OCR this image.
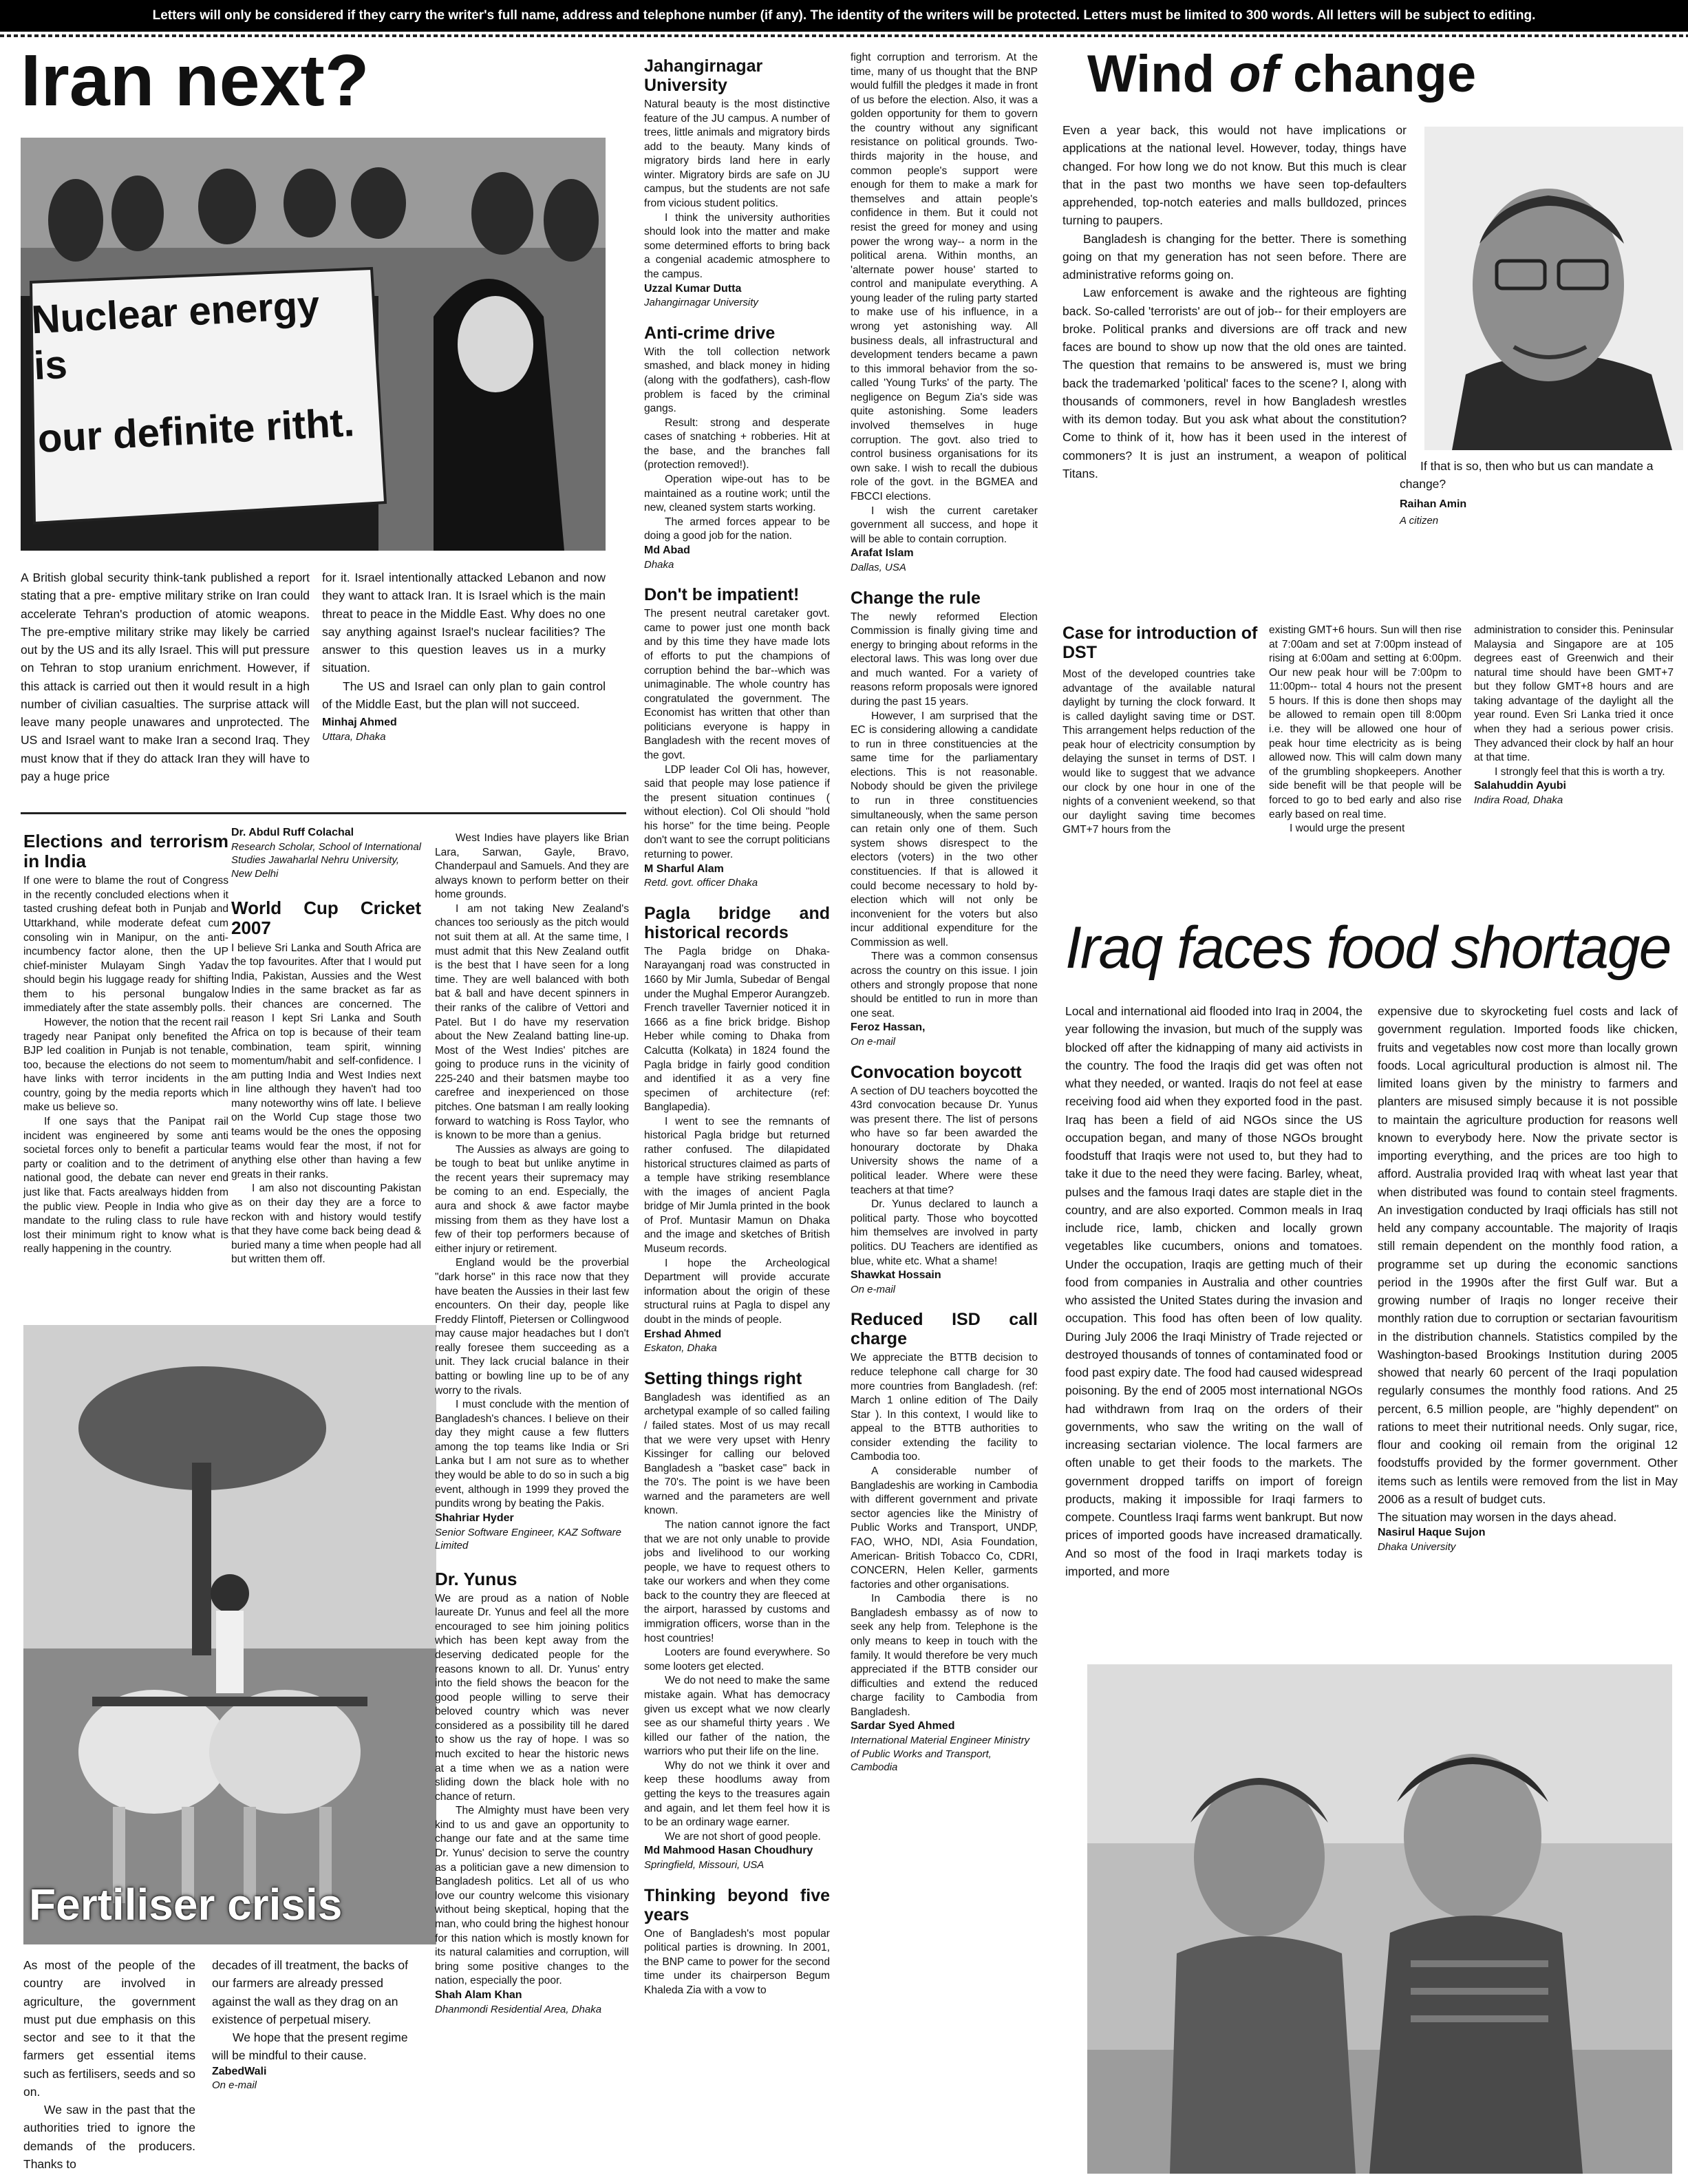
Letters will only be considered if they carry the writer's full name, address and telephone number (if any). The identity of the writers will be protected. Letters must be limited to 300 words. All letters will be subject to editing.
Iran next?
Nuclear energy is
our definite ritht.

A British global security think-tank published a report stating that a pre- emptive military strike on Iran could accelerate Tehran's production of atomic weapons. The pre-emptive military strike may likely be carried out by the US and its ally Israel. This will put pressure on Tehran to stop uranium enrichment. However, if this attack is carried out then it would result in a high number of civilian casualties. The surprise attack will leave many people unawares and unprotected. The US and Israel want to make Iran a second Iraq. They must know that if they do attack Iran they will have to pay a huge price

for it. Israel intentionally attacked Lebanon and now they want to attack Iran. It is Israel which is the main threat to peace in the Middle East. Why does no one say anything against Israel's nuclear facilities? The answer to this question leaves us in a murky situation.

The US and Israel can only plan to gain control of the Middle East, but the plan will not succeed.

Minhaj Ahmed

Uttara, Dhaka

Elections and terrorism in India

If one were to blame the rout of Congress in the recently concluded elections when it tasted crushing defeat both in Punjab and Uttarkhand, while moderate defeat cum consoling win in Manipur, on the anti-incumbency factor alone, then the UP chief-minister Mulayam Singh Yadav should begin his luggage ready for shifting them to his personal bungalow immediately after the state assembly polls.

However, the notion that the recent rail tragedy near Panipat only benefited the BJP led coalition in Punjab is not tenable, too, because the elections do not seem to have links with terror incidents in the country, going by the media reports which make us believe so.

If one says that the Panipat rail incident was engineered by some anti societal forces only to benefit a particular party or coalition and to the detriment of national good, the debate can never end just like that. Facts arealways hidden from the public view. People in India who give mandate to the ruling class to rule have lost their minimum right to know what is really happening in the country.

Fertiliser crisis

As most of the people of the country are involved in agriculture, the government must put due emphasis on this sector and see to it that the farmers get essential items such as fertilisers, seeds and so on.

We saw in the past that the authorities tried to ignore the demands of the producers. Thanks to

decades of ill treatment, the backs of our farmers are already pressed against the wall as they drag on an existence of perpetual misery.

We hope that the present regime will be mindful to their cause.

ZabedWali

On e-mail

Dr. Abdul Ruff Colachal

Research Scholar, School of International Studies Jawaharlal Nehru University, New Delhi

World Cup Cricket 2007

I believe Sri Lanka and South Africa are the top favourites. After that I would put India, Pakistan, Aussies and the West Indies in the same bracket as far as their chances are concerned. The reason I kept Sri Lanka and South Africa on top is because of their team combination, team spirit, winning momentum/habit and self-confidence. I am putting India and West Indies next in line although they haven't had too many noteworthy wins off late. I believe on the World Cup stage those two teams would be the ones the opposing teams would fear the most, if not for anything else other than having a few greats in their ranks.

I am also not discounting Pakistan as on their day they are a force to reckon with and history would testify that they have come back being dead & buried many a time when people had all but written them off.

West Indies have players like Brian Lara, Sarwan, Gayle, Bravo, Chanderpaul and Samuels. And they are always known to perform better on their home grounds.

I am not taking New Zealand's chances too seriously as the pitch would not suit them at all. At the same time, I must admit that this New Zealand outfit is the best that I have seen for a long time. They are well balanced with both bat & ball and have decent spinners in their ranks of the calibre of Vettori and Patel. But I do have my reservation about the New Zealand batting line-up. Most of the West Indies' pitches are going to produce runs in the vicinity of 225-240 and their batsmen maybe too carefree and inexperienced on those pitches. One batsman I am really looking forward to watching is Ross Taylor, who is known to be more than a genius.

The Aussies as always are going to be tough to beat but unlike anytime in the recent years their supremacy may be coming to an end. Especially, the aura and shock & awe factor maybe missing from them as they have lost a few of their top performers because of either injury or retirement.

England would be the proverbial "dark horse" in this race now that they have beaten the Aussies in their last few encounters. On their day, people like Freddy Flintoff, Pietersen or Collingwood may cause major headaches but I don't really foresee them succeeding as a unit. They lack crucial balance in their batting or bowling line up to be of any worry to the rivals.

I must conclude with the mention of Bangladesh's chances. I believe on their day they might cause a few flutters among the top teams like India or Sri Lanka but I am not sure as to whether they would be able to do so in such a big event, although in 1999 they proved the pundits wrong by beating the Pakis.

Shahriar Hyder

Senior Software Engineer, KAZ Software Limited

Dr. Yunus

We are proud as a nation of Noble laureate Dr. Yunus and feel all the more encouraged to see him joining politics which has been kept away from the deserving dedicated people for the reasons known to all. Dr. Yunus' entry into the field shows the beacon for the good people willing to serve their beloved country which was never considered as a possibility till he dared to show us the ray of hope. I was so much excited to hear the historic news at a time when we as a nation were sliding down the black hole with no chance of return.

The Almighty must have been very kind to us and gave an opportunity to change our fate and at the same time Dr. Yunus' decision to serve the country as a politician gave a new dimension to Bangladesh politics. Let all of us who love our country welcome this visionary without being skeptical, hoping that the man, who could bring the highest honour for this nation which is mostly known for its natural calamities and corruption, will bring some positive changes to the nation, especially the poor.

Shah Alam Khan

Dhanmondi Residential Area, Dhaka

Jahangirnagar University

Natural beauty is the most distinctive feature of the JU campus. A number of trees, little animals and migratory birds add to the beauty. Many kinds of migratory birds land here in early winter. Migratory birds are safe on JU campus, but the students are not safe from vicious student politics.

I think the university authorities should look into the matter and make some determined efforts to bring back a congenial academic atmosphere to the campus.

Uzzal Kumar Dutta

Jahangirnagar University

Anti-crime drive

With the toll collection network smashed, and black money in hiding (along with the godfathers), cash-flow problem is faced by the criminal gangs.

Result: strong and desperate cases of snatching + robberies. Hit at the base, and the branches fall (protection removed!).

Operation wipe-out has to be maintained as a routine work; until the new, cleaned system starts working.

The armed forces appear to be doing a good job for the nation.

Md Abad

Dhaka

Don't be impatient!

The present neutral caretaker govt. came to power just one month back and by this time they have made lots of efforts to put the champions of corruption behind the bar--which was unimaginable. The whole country has congratulated the government. The Economist has written that other than politicians everyone is happy in Bangladesh with the recent moves of the govt.

LDP leader Col Oli has, however, said that people may lose patience if the present situation continues ( without election). Col Oli should "hold his horse" for the time being. People don't want to see the corrupt politicians returning to power.

M Sharful Alam

Retd. govt. officer Dhaka

Pagla bridge and historical records

The Pagla bridge on Dhaka-Narayanganj road was constructed in 1660 by Mir Jumla, Subedar of Bengal under the Mughal Emperor Aurangzeb. French traveller Tavernier noticed it in 1666 as a fine brick bridge. Bishop Heber while coming to Dhaka from Calcutta (Kolkata) in 1824 found the Pagla bridge in fairly good condition and identified it as a very fine specimen of architecture (ref: Banglapedia).

I went to see the remnants of historical Pagla bridge but returned rather confused. The dilapidated historical structures claimed as parts of a temple have striking resemblance with the images of ancient Pagla bridge of Mir Jumla printed in the book of Prof. Muntasir Mamun on Dhaka and the image and sketches of British Museum records.

I hope the Archeological Department will provide accurate information about the origin of these structural ruins at Pagla to dispel any doubt in the minds of people.

Ershad Ahmed

Eskaton, Dhaka

Setting things right

Bangladesh was identified as an archetypal example of so called failing / failed states. Most of us may recall that we were very upset with Henry Kissinger for calling our beloved Bangladesh a "basket case" back in the 70's. The point is we have been warned and the parameters are well known.

The nation cannot ignore the fact that we are not only unable to provide jobs and livelihood to our working people, we have to request others to take our workers and when they come back to the country they are fleeced at the airport, harassed by customs and immigration officers, worse than in the host countries!

Looters are found everywhere. So some looters get elected.

We do not need to make the same mistake again. What has democracy given us except what we now clearly see as our shameful thirty years . We killed our father of the nation, the warriors who put their life on the line.

Why do not we think it over and keep these hoodlums away from getting the keys to the treasures again and again, and let them feel how it is to be an ordinary wage earner.

We are not short of good people.

Md Mahmood Hasan Choudhury

Springfield, Missouri, USA

Thinking beyond five years

One of Bangladesh's most popular political parties is drowning. In 2001, the BNP came to power for the second time under its chairperson Begum Khaleda Zia with a vow to

fight corruption and terrorism. At the time, many of us thought that the BNP would fulfill the pledges it made in front of us before the election. Also, it was a golden opportunity for them to govern the country without any significant resistance on political grounds. Two-thirds majority in the house, and common people's support were enough for them to make a mark for themselves and attain people's confidence in them. But it could not resist the greed for money and using power the wrong way-- a norm in the political arena. Within months, an 'alternate power house' started to control and manipulate everything. A young leader of the ruling party started to make use of his influence, in a wrong yet astonishing way. All business deals, all infrastructural and development tenders became a pawn to this immoral behavior from the so-called 'Young Turks' of the party. The negligence on Begum Zia's side was quite astonishing. Some leaders involved themselves in huge corruption. The govt. also tried to control business organisations for its own sake. I wish to recall the dubious role of the govt. in the BGMEA and FBCCI elections.

I wish the current caretaker government all success, and hope it will be able to contain corruption.

Arafat Islam

Dallas, USA

Change the rule

The newly reformed Election Commission is finally giving time and energy to bringing about reforms in the electoral laws. This was long over due and much wanted. For a variety of reasons reform proposals were ignored during the past 15 years.

However, I am surprised that the EC is considering allowing a candidate to run in three constituencies at the same time for the parliamentary elections. This is not reasonable. Nobody should be given the privilege to run in three constituencies simultaneously, when the same person can retain only one of them. Such system shows disrespect to the electors (voters) in the two other constituencies. If that is allowed it could become necessary to hold by-election which will not only be inconvenient for the voters but also incur additional expenditure for the Commission as well.

There was a common consensus across the country on this issue. I join others and strongly propose that none should be entitled to run in more than one seat.

Feroz Hassan,

On e-mail

Convocation boycott

A section of DU teachers boycotted the 43rd convocation because Dr. Yunus was present there. The list of persons who have so far been awarded the honourary doctorate by Dhaka University shows the name of a political leader. Where were these teachers at that time?

Dr. Yunus declared to launch a political party. Those who boycotted him themselves are involved in party politics. DU Teachers are identified as blue, white etc. What a shame!

Shawkat Hossain

On e-mail

Reduced ISD call charge

We appreciate the BTTB decision to reduce telephone call charge for 30 more countries from Bangladesh. (ref: March 1 online edition of The Daily Star ). In this context, I would like to appeal to the BTTB authorities to consider extending the facility to Cambodia too.

A considerable number of Bangladeshis are working in Cambodia with different government and private sector agencies like the Ministry of Public Works and Transport, UNDP, FAO, WHO, NDI, Asia Foundation, American- British Tobacco Co, CDRI, CONCERN, Helen Keller, garments factories and other organisations.

In Cambodia there is no Bangladesh embassy as of now to seek any help from. Telephone is the only means to keep in touch with the family. It would therefore be very much appreciated if the BTTB consider our difficulties and extend the reduced charge facility to Cambodia from Bangladesh.

Sardar Syed Ahmed

International Material Engineer Ministry of Public Works and Transport, Cambodia

Wind of change

Even a year back, this would not have implications or applications at the national level. However, today, things have changed. For how long we do not know. But this much is clear that in the past two months we have seen top-defaulters apprehended, top-notch eateries and malls bulldozed, princes turning to paupers.

Bangladesh is changing for the better. There is something going on that my generation has not seen before. There are administrative reforms going on.

Law enforcement is awake and the righteous are fighting back. So-called 'terrorists' are out of job-- for their employers are broke. Political pranks and diversions are off track and new faces are bound to show up now that the old ones are tainted. The question that remains to be answered is, must we bring back the trademarked 'political' faces to the scene? I, along with thousands of commoners, revel in how Bangladesh wrestles with its demon today. But you ask what about the constitution? Come to think of it, how has it been used in the interest of commoners? It is just an instrument, a weapon of political Titans.

If that is so, then who but us can mandate a change?

Raihan Amin

A citizen

Case for introduction of DST

Most of the developed countries take advantage of the available natural daylight by turning the clock forward. It is called daylight saving time or DST. This arrangement helps reduction of the peak hour of electricity consumption by delaying the sunset in terms of DST. I would like to suggest that we advance our clock by one hour in one of the nights of a convenient weekend, so that our daylight saving time becomes GMT+7 hours from the

existing GMT+6 hours. Sun will then rise at 7:00am and set at 7:00pm instead of rising at 6:00am and setting at 6:00pm. Our new peak hour will be 7:00pm to 11:00pm-- total 4 hours not the present 5 hours. If this is done then shops may be allowed to remain open till 8:00pm i.e. they will be allowed one hour of peak hour time electricity as is being allowed now. This will calm down many of the grumbling shopkeepers. Another side benefit will be that people will be forced to go to bed early and also rise early based on real time.

I would urge the present

administration to consider this. Peninsular Malaysia and Singapore are at 105 degrees east of Greenwich and their natural time should have been GMT+7 but they follow GMT+8 hours and are taking advantage of the daylight all the year round. Even Sri Lanka tried it once when they had a serious power crisis. They advanced their clock by half an hour at that time.

I strongly feel that this is worth a try.

Salahuddin Ayubi

Indira Road, Dhaka

Iraq faces food shortage

Local and international aid flooded into Iraq in 2004, the year following the invasion, but much of the supply was blocked off after the kidnapping of many aid activists in the country. The food the Iraqis did get was often not what they needed, or wanted. Iraqis do not feel at ease receiving food aid when they exported food in the past. Iraq has been a field of aid NGOs since the US occupation began, and many of those NGOs brought foodstuff that Iraqis were not used to, but they had to take it due to the need they were facing. Barley, wheat, pulses and the famous Iraqi dates are staple diet in the country, and are also exported. Common meals in Iraq include rice, lamb, chicken and locally grown vegetables like cucumbers, onions and tomatoes. Under the occupation, Iraqis are getting much of their food from companies in Australia and other countries who assisted the United States during the invasion and occupation. This food has often been of low quality. During July 2006 the Iraqi Ministry of Trade rejected or destroyed thousands of tonnes of contaminated food or food past expiry date. The food had caused widespread poisoning. By the end of 2005 most international NGOs had withdrawn from Iraq on the orders of their governments, who saw the writing on the wall of increasing sectarian violence. The local farmers are often unable to get their foods to the markets. The government dropped tariffs on import of foreign products, making it impossible for Iraqi farmers to compete. Countless Iraqi farms went bankrupt. But now prices of imported goods have increased dramatically. And so most of the food in Iraqi markets today is imported, and more

expensive due to skyrocketing fuel costs and lack of government regulation. Imported foods like chicken, fruits and vegetables now cost more than locally grown foods. Local agricultural production is almost nil. The limited loans given by the ministry to farmers and planters are misused simply because it is not possible to maintain the agriculture production for reasons well known to everybody here. Now the private sector is importing everything, and the prices are too high to afford. Australia provided Iraq with wheat last year that when distributed was found to contain steel fragments. An investigation conducted by Iraqi officials has still not held any company accountable. The majority of Iraqis still remain dependent on the monthly food ration, a programme set up during the economic sanctions period in the 1990s after the first Gulf war. But a growing number of Iraqis no longer receive their monthly ration due to corruption or sectarian favouritism in the distribution channels. Statistics compiled by the Washington-based Brookings Institution during 2005 showed that nearly 60 percent of the Iraqi population regularly consumes the monthly food rations. And 25 percent, 6.5 million people, are "highly dependent" on rations to meet their nutritional needs. Only sugar, rice, flour and cooking oil remain from the original 12 foodstuffs provided by the former government. Other items such as lentils were removed from the list in May 2006 as a result of budget cuts.

The situation may worsen in the days ahead.

Nasirul Haque Sujon

Dhaka University
